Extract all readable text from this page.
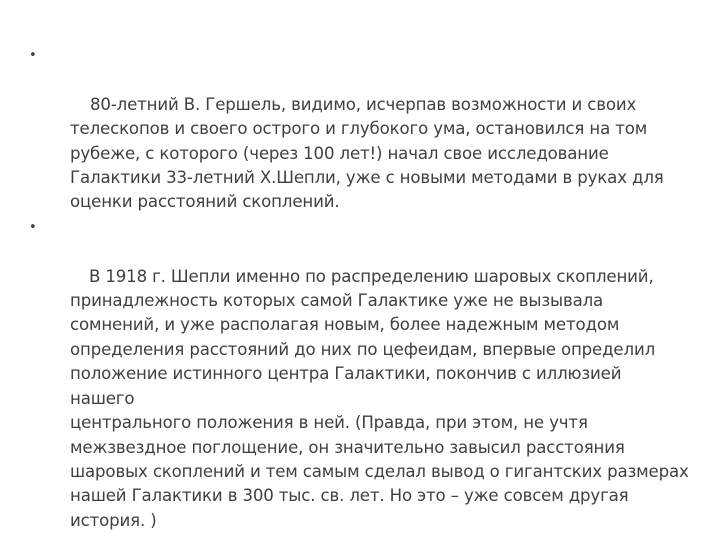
•

80-летний В. Гершель, видимо, исчерпав возможности и своих
телескопов и своего острого и глубокого ума, остановился на том
рубеже, с которого (через 100 лет!) начал свое исследование
Галактики 33-летний Х.Шепли, уже с новыми методами в руках для
оценки расстояний скоплений.

•

В 1918 г. Шепли именно по распределению шаровых скоплений,
принадлежность которых самой Галактике уже не вызывала
сомнений, и уже располагая новым, более надежным методом
определения расстояний до них по цефеидам, впервые определил
положение истинного центра Галактики, покончив с иллюзией нашего
центрального положения в ней. (Правда, при этом, не учтя
межзвездное поглощение, он значительно завысил расстояния
шаровых скоплений и тем самым сделал вывод о гигантских размерах
нашей Галактики в 300 тыс. св. лет. Но это – уже совсем другая
история. )
